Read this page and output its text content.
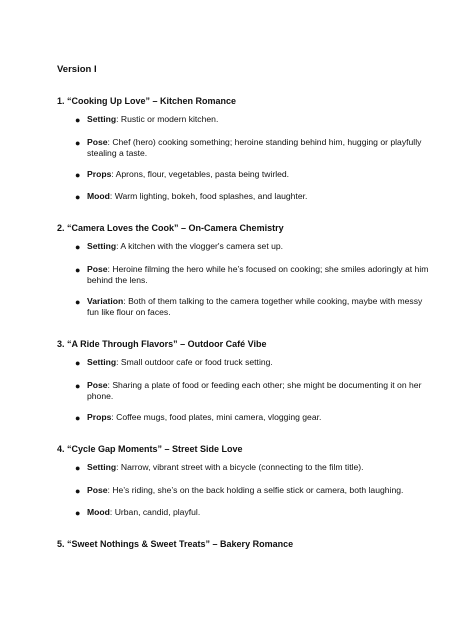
Version I
1. “Cooking Up Love” – Kitchen Romance
● Setting: Rustic or modern kitchen.
● Pose: Chef (hero) cooking something; heroine standing behind him, hugging or playfully stealing a taste.
● Props: Aprons, flour, vegetables, pasta being twirled.
● Mood: Warm lighting, bokeh, food splashes, and laughter.
2. “Camera Loves the Cook” – On-Camera Chemistry
● Setting: A kitchen with the vlogger's camera set up.
● Pose: Heroine filming the hero while he’s focused on cooking; she smiles adoringly at him behind the lens.
● Variation: Both of them talking to the camera together while cooking, maybe with messy fun like flour on faces.
3. “A Ride Through Flavors” – Outdoor Café Vibe
● Setting: Small outdoor cafe or food truck setting.
● Pose: Sharing a plate of food or feeding each other; she might be documenting it on her phone.
● Props: Coffee mugs, food plates, mini camera, vlogging gear.
4. “Cycle Gap Moments” – Street Side Love
● Setting: Narrow, vibrant street with a bicycle (connecting to the film title).
● Pose: He’s riding, she’s on the back holding a selfie stick or camera, both laughing.
● Mood: Urban, candid, playful.
5. “Sweet Nothings & Sweet Treats” – Bakery Romance
